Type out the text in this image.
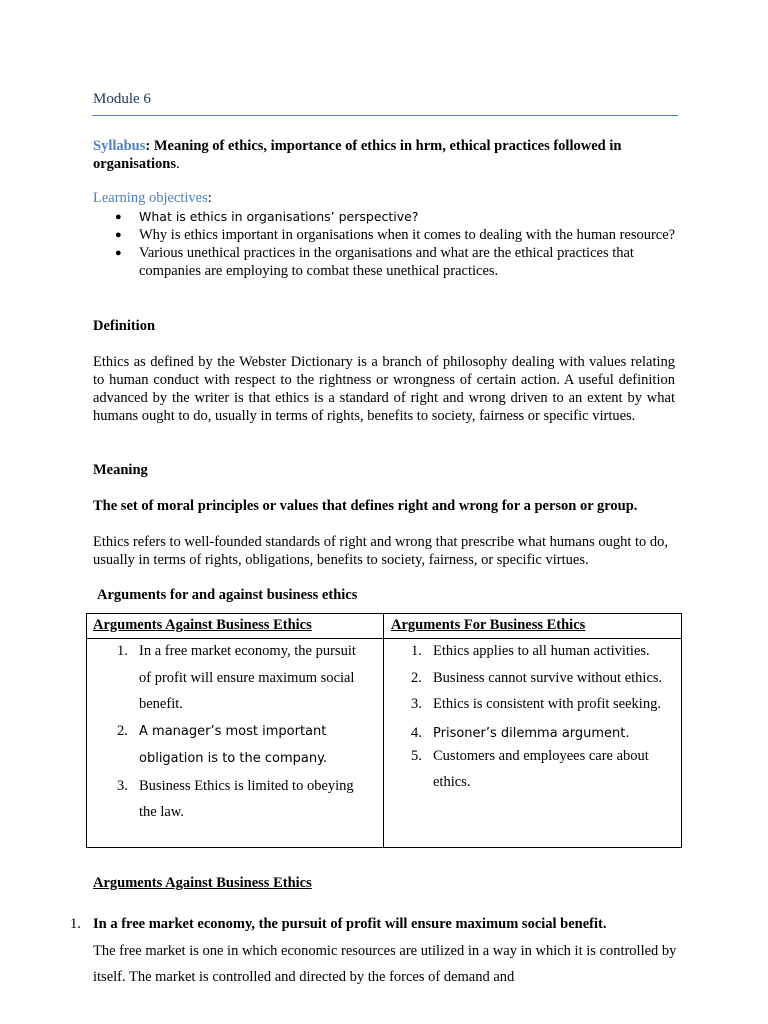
Module 6
Syllabus: Meaning of ethics, importance of ethics in hrm, ethical practices followed in organisations.
Learning objectives:
● What is ethics in organisations’ perspective?
● Why is ethics important in organisations when it comes to dealing with the human resource?
● Various unethical practices in the organisations and what are the ethical practices that companies are employing to combat these unethical practices.
Definition
Ethics as defined by the Webster Dictionary is a branch of philosophy dealing with values relating to human conduct with respect to the rightness or wrongness of certain action. A useful definition advanced by the writer is that ethics is a standard of right and wrong driven to an extent by what humans ought to do, usually in terms of rights, benefits to society, fairness or specific virtues.
Meaning
The set of moral principles or values that defines right and wrong for a person or group.
Ethics refers to well-founded standards of right and wrong that prescribe what humans ought to do, usually in terms of rights, obligations, benefits to society, fairness, or specific virtues.
Arguments for and against business ethics
Arguments Against Business Ethics
1. In a free market economy, the pursuit of profit will ensure maximum social benefit.
2. A manager’s most important obligation is to the company.
3. Business Ethics is limited to obeying the law.
Arguments For Business Ethics
1. Ethics applies to all human activities.
2. Business cannot survive without ethics.
3. Ethics is consistent with profit seeking.
4. Prisoner’s dilemma argument.
5. Customers and employees care about ethics.
Arguments Against Business Ethics
1. In a free market economy, the pursuit of profit will ensure maximum social benefit.
The free market is one in which economic resources are utilized in a way in which it is controlled by itself. The market is controlled and directed by the forces of demand and
